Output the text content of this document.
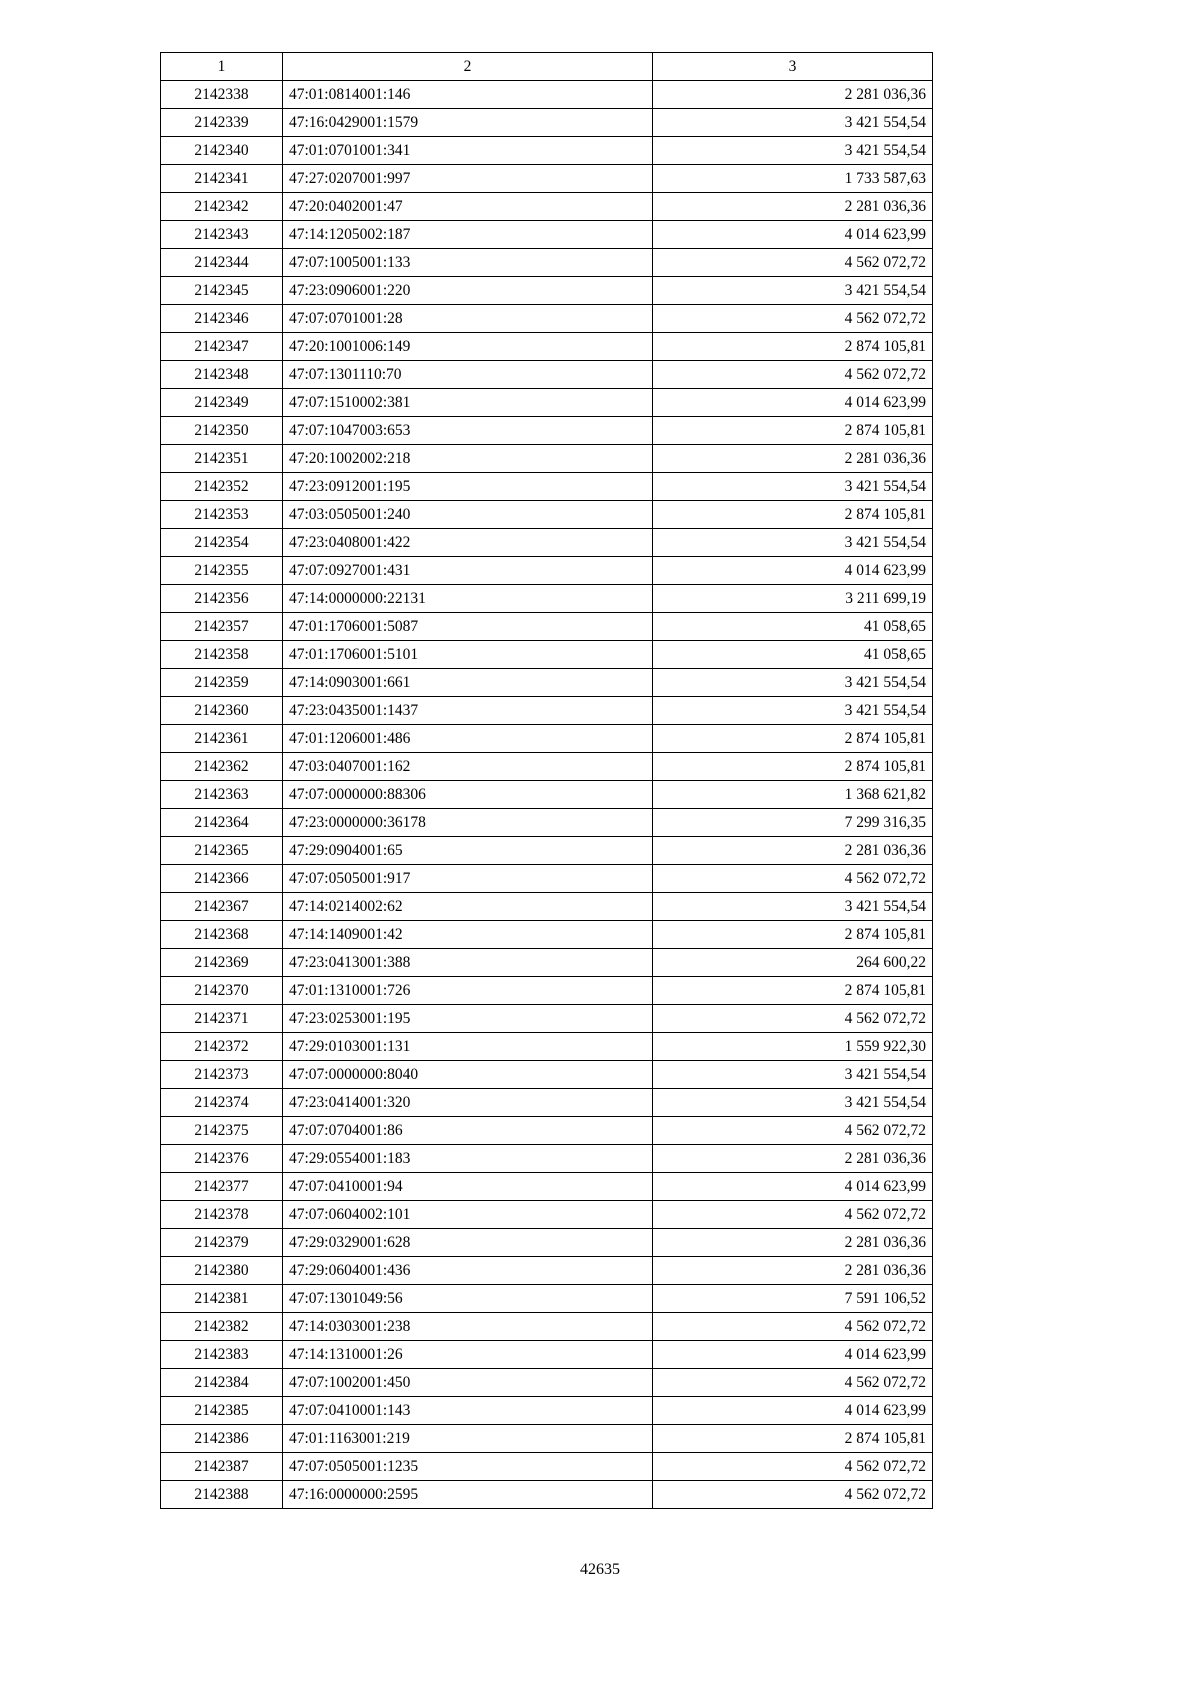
1	2	3
2142338	47:01:0814001:146	2 281 036,36
2142339	47:16:0429001:1579	3 421 554,54
2142340	47:01:0701001:341	3 421 554,54
2142341	47:27:0207001:997	1 733 587,63
2142342	47:20:0402001:47	2 281 036,36
2142343	47:14:1205002:187	4 014 623,99
2142344	47:07:1005001:133	4 562 072,72
2142345	47:23:0906001:220	3 421 554,54
2142346	47:07:0701001:28	4 562 072,72
2142347	47:20:1001006:149	2 874 105,81
2142348	47:07:1301110:70	4 562 072,72
2142349	47:07:1510002:381	4 014 623,99
2142350	47:07:1047003:653	2 874 105,81
2142351	47:20:1002002:218	2 281 036,36
2142352	47:23:0912001:195	3 421 554,54
2142353	47:03:0505001:240	2 874 105,81
2142354	47:23:0408001:422	3 421 554,54
2142355	47:07:0927001:431	4 014 623,99
2142356	47:14:0000000:22131	3 211 699,19
2142357	47:01:1706001:5087	41 058,65
2142358	47:01:1706001:5101	41 058,65
2142359	47:14:0903001:661	3 421 554,54
2142360	47:23:0435001:1437	3 421 554,54
2142361	47:01:1206001:486	2 874 105,81
2142362	47:03:0407001:162	2 874 105,81
2142363	47:07:0000000:88306	1 368 621,82
2142364	47:23:0000000:36178	7 299 316,35
2142365	47:29:0904001:65	2 281 036,36
2142366	47:07:0505001:917	4 562 072,72
2142367	47:14:0214002:62	3 421 554,54
2142368	47:14:1409001:42	2 874 105,81
2142369	47:23:0413001:388	264 600,22
2142370	47:01:1310001:726	2 874 105,81
2142371	47:23:0253001:195	4 562 072,72
2142372	47:29:0103001:131	1 559 922,30
2142373	47:07:0000000:8040	3 421 554,54
2142374	47:23:0414001:320	3 421 554,54
2142375	47:07:0704001:86	4 562 072,72
2142376	47:29:0554001:183	2 281 036,36
2142377	47:07:0410001:94	4 014 623,99
2142378	47:07:0604002:101	4 562 072,72
2142379	47:29:0329001:628	2 281 036,36
2142380	47:29:0604001:436	2 281 036,36
2142381	47:07:1301049:56	7 591 106,52
2142382	47:14:0303001:238	4 562 072,72
2142383	47:14:1310001:26	4 014 623,99
2142384	47:07:1002001:450	4 562 072,72
2142385	47:07:0410001:143	4 014 623,99
2142386	47:01:1163001:219	2 874 105,81
2142387	47:07:0505001:1235	4 562 072,72
2142388	47:16:0000000:2595	4 562 072,72
42635
